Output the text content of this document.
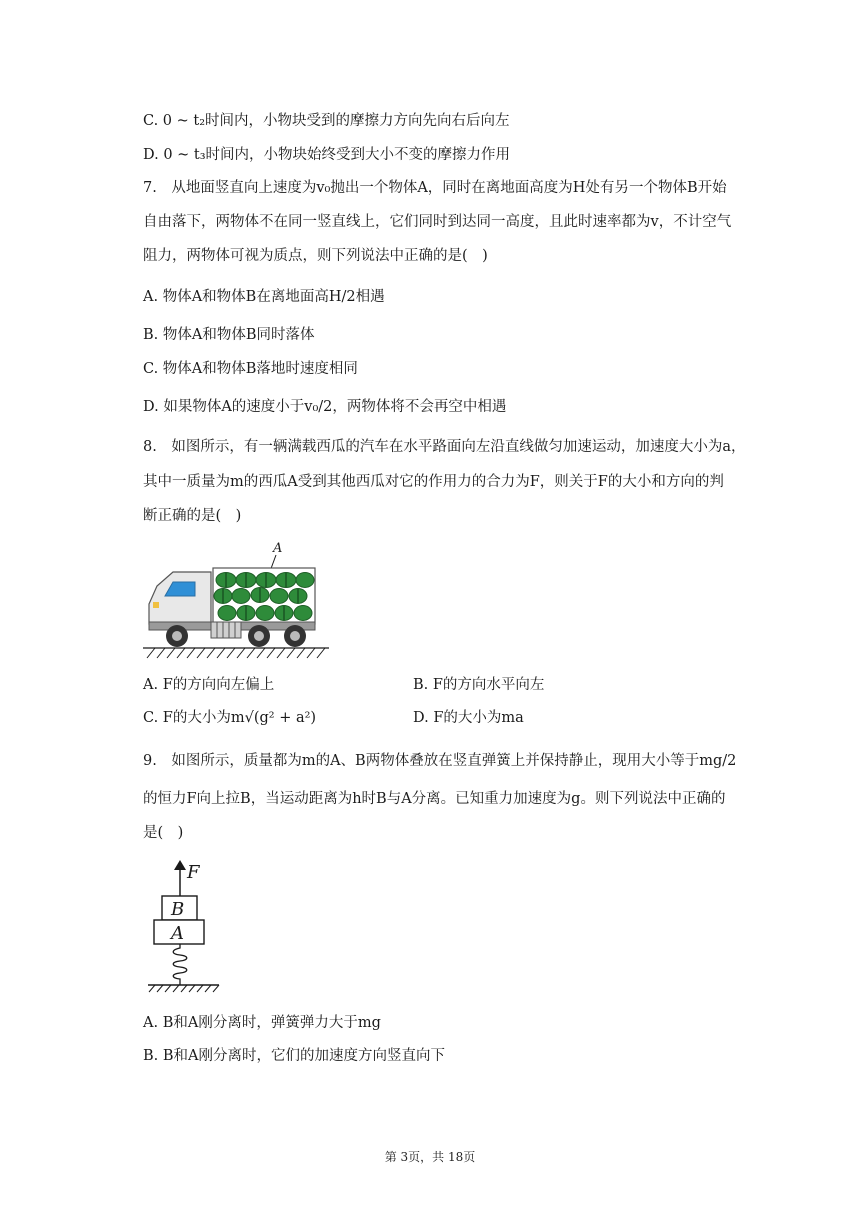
C. 0 ~ t₂时间内，小物块受到的摩擦力方向先向右后向左
D. 0 ~ t₃时间内，小物块始终受到大小不变的摩擦力作用
7.　从地面竖直向上速度为v₀抛出一个物体A，同时在离地面高度为H处有另一个物体B开始
自由落下，两物体不在同一竖直线上，它们同时到达同一高度，且此时速率都为v，不计空气
阻力，两物体可视为质点，则下列说法中正确的是(　)
A. 物体A和物体B在离地面高H/2相遇
B. 物体A和物体B同时落体
C. 物体A和物体B落地时速度相同
D. 如果物体A的速度小于v₀/2，两物体将不会再空中相遇
8.　如图所示，有一辆满载西瓜的汽车在水平路面向左沿直线做匀加速运动，加速度大小为a，
其中一质量为m的西瓜A受到其他西瓜对它的作用力的合力为F，则关于F的大小和方向的判
断正确的是(　)
A
A. F的方向向左偏上	B. F的方向水平向左
C. F的大小为m√(g² + a²)	D. F的大小为ma
9.　如图所示，质量都为m的A、B两物体叠放在竖直弹簧上并保持静止，现用大小等于mg/2
的恒力F向上拉B，当运动距离为h时B与A分离。已知重力加速度为g。则下列说法中正确的
是(　)
F
B
A
A. B和A刚分离时，弹簧弹力大于mg
B. B和A刚分离时，它们的加速度方向竖直向下
第 3页，共 18页
